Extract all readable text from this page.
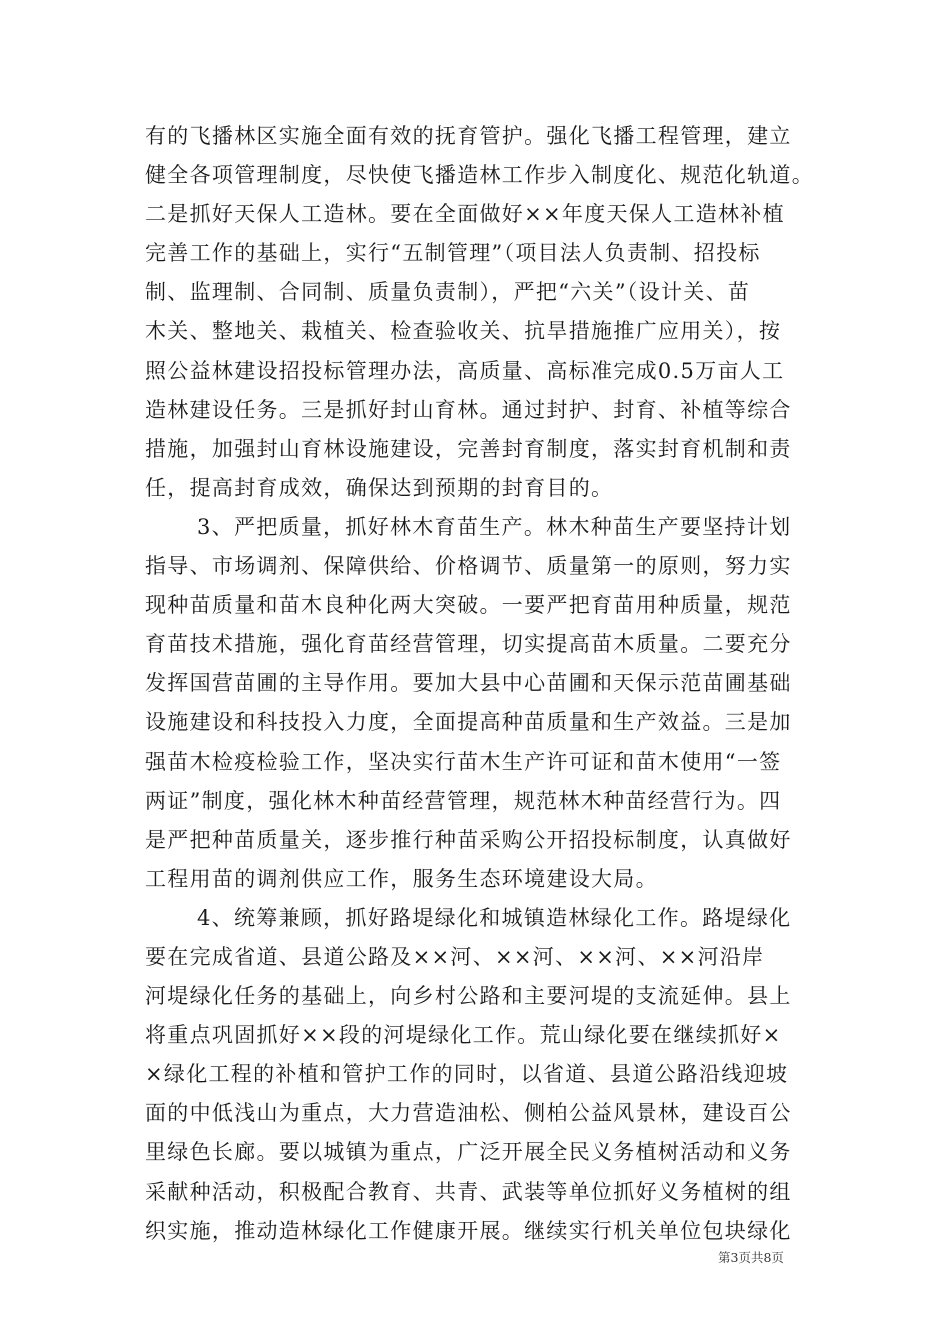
有的飞播林区实施全面有效的抚育管护。强化飞播工程管理，建立
健全各项管理制度，尽快使飞播造林工作步入制度化、规范化轨道。
二是抓好天保人工造林。要在全面做好××年度天保人工造林补植
完善工作的基础上，实行“五制管理”（项目法人负责制、招投标
制、监理制、合同制、质量负责制），严把“六关”（设计关、苗
木关、整地关、栽植关、检查验收关、抗旱措施推广应用关），按
照公益林建设招投标管理办法，高质量、高标准完成0.5万亩人工
造林建设任务。三是抓好封山育林。通过封护、封育、补植等综合
措施，加强封山育林设施建设，完善封育制度，落实封育机制和责
任，提高封育成效，确保达到预期的封育目的。
3、严把质量，抓好林木育苗生产。林木种苗生产要坚持计划
指导、市场调剂、保障供给、价格调节、质量第一的原则，努力实
现种苗质量和苗木良种化两大突破。一要严把育苗用种质量，规范
育苗技术措施，强化育苗经营管理，切实提高苗木质量。二要充分
发挥国营苗圃的主导作用。要加大县中心苗圃和天保示范苗圃基础
设施建设和科技投入力度，全面提高种苗质量和生产效益。三是加
强苗木检疫检验工作，坚决实行苗木生产许可证和苗木使用“一签
两证”制度，强化林木种苗经营管理，规范林木种苗经营行为。四
是严把种苗质量关，逐步推行种苗采购公开招投标制度，认真做好
工程用苗的调剂供应工作，服务生态环境建设大局。
4、统筹兼顾，抓好路堤绿化和城镇造林绿化工作。路堤绿化
要在完成省道、县道公路及××河、××河、××河、××河沿岸
河堤绿化任务的基础上，向乡村公路和主要河堤的支流延伸。县上
将重点巩固抓好××段的河堤绿化工作。荒山绿化要在继续抓好×
×绿化工程的补植和管护工作的同时，以省道、县道公路沿线迎坡
面的中低浅山为重点，大力营造油松、侧柏公益风景林，建设百公
里绿色长廊。要以城镇为重点，广泛开展全民义务植树活动和义务
采献种活动，积极配合教育、共青、武装等单位抓好义务植树的组
织实施，推动造林绿化工作健康开展。继续实行机关单位包块绿化
第3页共8页
